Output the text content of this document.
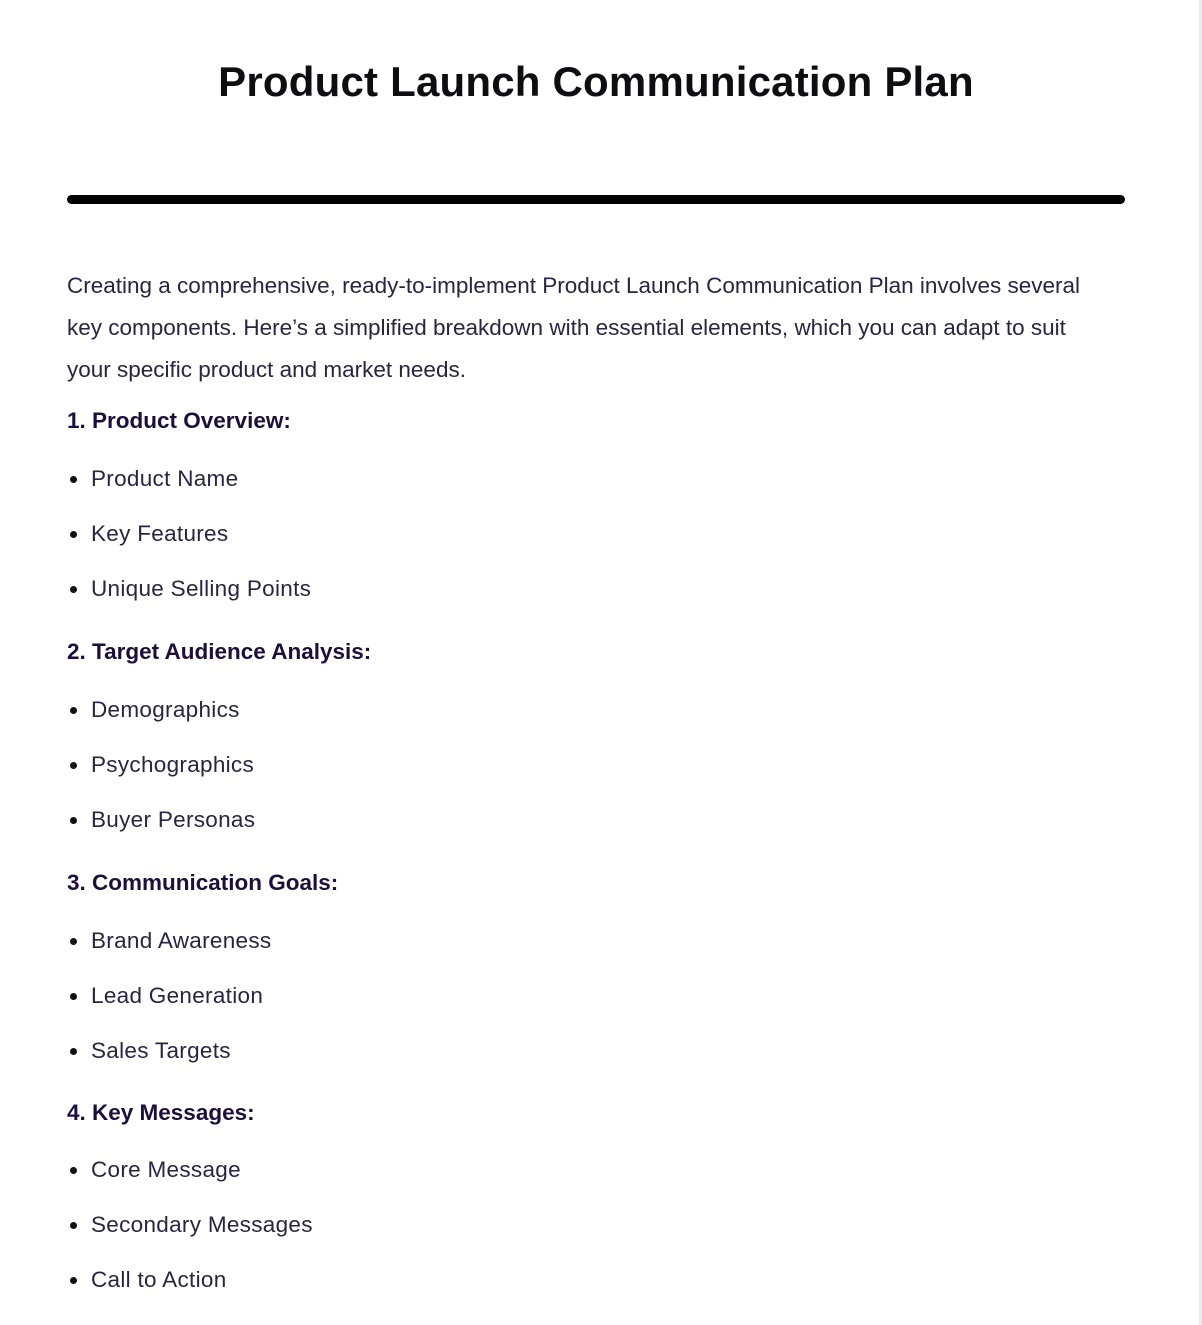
Product Launch Communication Plan

Creating a comprehensive, ready-to-implement Product Launch Communication Plan involves several key components. Here’s a simplified breakdown with essential elements, which you can adapt to suit your specific product and market needs.

1. Product Overview:
Product Name
Key Features
Unique Selling Points
2. Target Audience Analysis:
Demographics
Psychographics
Buyer Personas
3. Communication Goals:
Brand Awareness
Lead Generation
Sales Targets
4. Key Messages:
Core Message
Secondary Messages
Call to Action
